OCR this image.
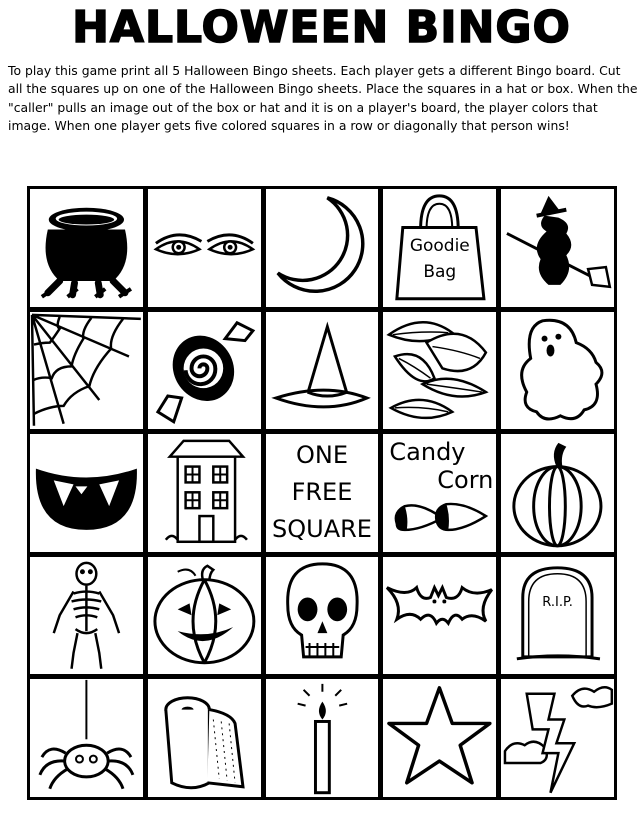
HALLOWEEN BINGO
To play this game print all 5 Halloween Bingo sheets. Each player gets a different Bingo board. Cut all the squares up on one of the Halloween Bingo sheets. Place the squares in a hat or box. When the "caller" pulls an image out of the box or hat and it is on a player's board, the player colors that image. When one player gets five colored squares in a row or diagonally that person wins!
Goodie
Bag
ONE
FREE
SQUARE
Candy
Corn
R.I.P.
